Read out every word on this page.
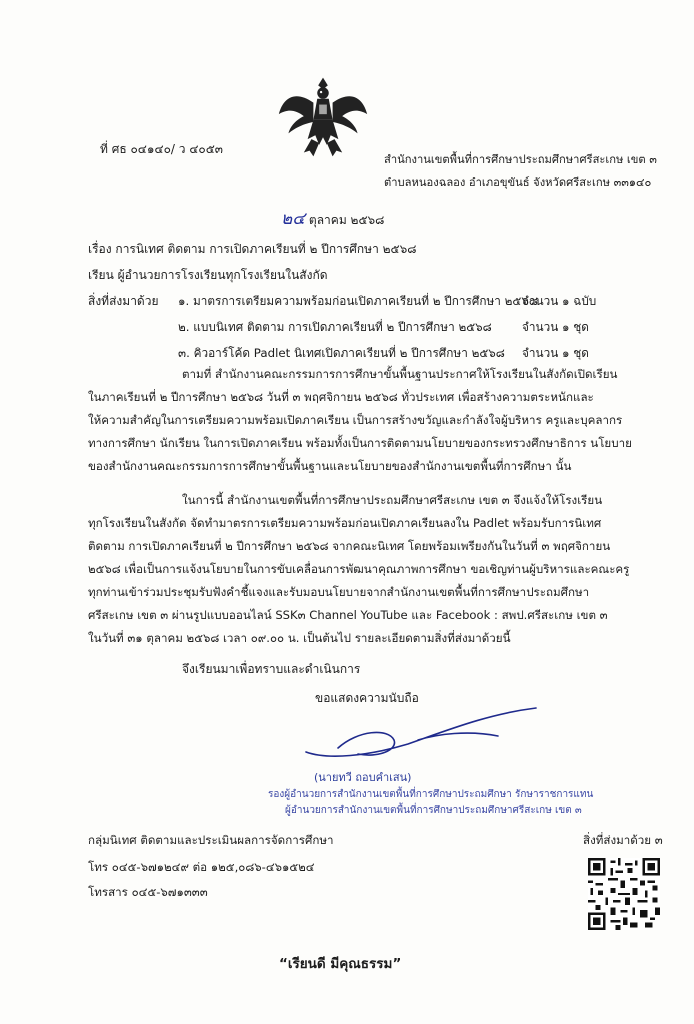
ที่ ศธ ๐๔๑๔๐/ ว ๔๐๕๓
สำนักงานเขตพื้นที่การศึกษาประถมศึกษาศรีสะเกษ เขต ๓
ตำบลหนองฉลอง อำเภอขุขันธ์ จังหวัดศรีสะเกษ ๓๓๑๔๐
๒๔ ตุลาคม ๒๕๖๘
เรื่อง การนิเทศ ติดตาม การเปิดภาคเรียนที่ ๒ ปีการศึกษา ๒๕๖๘
เรียน ผู้อำนวยการโรงเรียนทุกโรงเรียนในสังกัด
สิ่งที่ส่งมาด้วย ๑. มาตรการเตรียมความพร้อมก่อนเปิดภาคเรียนที่ ๒ ปีการศึกษา ๒๕๖๘
จำนวน ๑ ฉบับ
๒. แบบนิเทศ ติดตาม การเปิดภาคเรียนที่ ๒ ปีการศึกษา ๒๕๖๘	จำนวน ๑ ชุด
๓. คิวอาร์โค้ด Padlet นิเทศเปิดภาคเรียนที่ ๒ ปีการศึกษา ๒๕๖๘ จำนวน ๑ ชุด
ตามที่ สำนักงานคณะกรรมการการศึกษาขั้นพื้นฐานประกาศให้โรงเรียนในสังกัดเปิดเรียน
ในภาคเรียนที่ ๒ ปีการศึกษา ๒๕๖๘ วันที่ ๓ พฤศจิกายน ๒๕๖๘ ทั่วประเทศ เพื่อสร้างความตระหนักและ
ให้ความสำคัญในการเตรียมความพร้อมเปิดภาคเรียน เป็นการสร้างขวัญและกำลังใจผู้บริหาร ครูและบุคลากร
ทางการศึกษา นักเรียน ในการเปิดภาคเรียน พร้อมทั้งเป็นการติดตามนโยบายของกระทรวงศึกษาธิการ นโยบาย
ของสำนักงานคณะกรรมการการศึกษาขั้นพื้นฐานและนโยบายของสำนักงานเขตพื้นที่การศึกษา นั้น
ในการนี้ สำนักงานเขตพื้นที่การศึกษาประถมศึกษาศรีสะเกษ เขต ๓ จึงแจ้งให้โรงเรียน
ทุกโรงเรียนในสังกัด จัดทำมาตรการเตรียมความพร้อมก่อนเปิดภาคเรียนลงใน Padlet พร้อมรับการนิเทศ
ติดตาม การเปิดภาคเรียนที่ ๒ ปีการศึกษา ๒๕๖๘ จากคณะนิเทศ โดยพร้อมเพรียงกันในวันที่ ๓ พฤศจิกายน
๒๕๖๘ เพื่อเป็นการแจ้งนโยบายในการขับเคลื่อนการพัฒนาคุณภาพการศึกษา ขอเชิญท่านผู้บริหารและคณะครู
ทุกท่านเข้าร่วมประชุมรับฟังคำชี้แจงและรับมอบนโยบายจากสำนักงานเขตพื้นที่การศึกษาประถมศึกษา
ศรีสะเกษ เขต ๓ ผ่านรูปแบบออนไลน์ SSK๓ Channel YouTube และ Facebook : สพป.ศรีสะเกษ เขต ๓
ในวันที่ ๓๑ ตุลาคม ๒๕๖๘ เวลา ๐๙.๐๐ น. เป็นต้นไป รายละเอียดตามสิ่งที่ส่งมาด้วยนี้
จึงเรียนมาเพื่อทราบและดำเนินการ
ขอแสดงความนับถือ
(นายทวี ถอบคำเสน)
รองผู้อำนวยการสำนักงานเขตพื้นที่การศึกษาประถมศึกษา รักษาราชการแทน
ผู้อำนวยการสำนักงานเขตพื้นที่การศึกษาประถมศึกษาศรีสะเกษ เขต ๓
กลุ่มนิเทศ ติดตามและประเมินผลการจัดการศึกษา	สิ่งที่ส่งมาด้วย ๓
โทร ๐๔๕-๖๗๑๒๔๙ ต่อ ๑๒๕,๐๘๖-๔๖๑๕๒๔
โทรสาร ๐๔๕-๖๗๑๓๓๓
“เรียนดี มีคุณธรรม”
